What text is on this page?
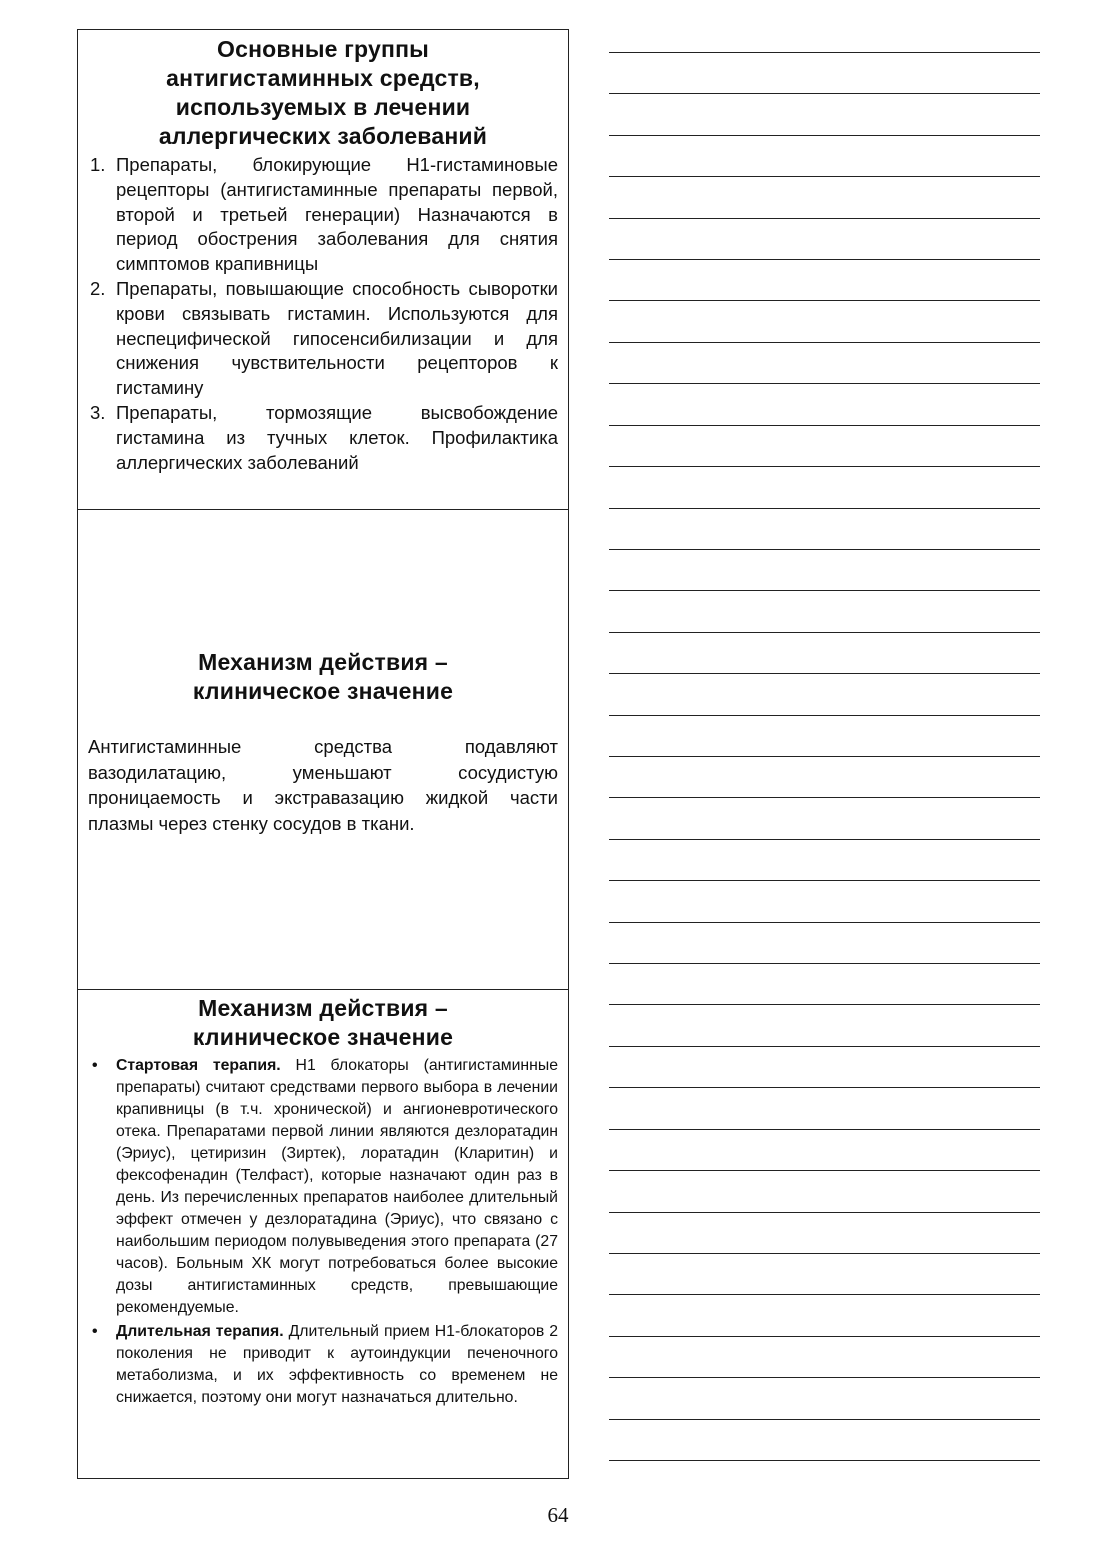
Основные группы
антигистаминных средств,
используемых в лечении
аллергических заболеваний
1. Препараты, блокирующие Н1-гистаминовые рецепторы (антигистаминные препараты первой, второй и третьей генерации) Назначаются в период обострения заболевания для снятия симптомов крапивницы
2. Препараты, повышающие способность сыворотки крови связывать гистамин. Используются для неспецифической гипосенсибилизации и для снижения чувствительности рецепторов к гистамину
3. Препараты, тормозящие высвобождение гистамина из тучных клеток. Профилактика аллергических заболеваний
Механизм действия –
клиническое значение

Антигистаминные средства подавляют вазодилатацию, уменьшают сосудистую проницаемость и экстравазацию жидкой части плазмы через стенку сосудов в ткани.

Механизм действия –
клиническое значение
• Стартовая терапия. Н1 блокаторы (антигистаминные препараты) считают средствами первого выбора в лечении крапивницы (в т.ч. хронической) и ангионевротического отека. Препаратами первой линии являются дезлоратадин (Эриус), цетиризин (Зиртек), лоратадин (Кларитин) и фексофенадин (Телфаст), которые назначают один раз в день. Из перечисленных препаратов наиболее длительный эффект отмечен у дезлоратадина (Эриус), что связано с наибольшим периодом полувыведения этого препарата (27 часов). Больным ХК могут потребоваться более высокие дозы антигистаминных средств, превышающие рекомендуемые.
• Длительная терапия. Длительный прием Н1-блокаторов 2 поколения не приводит к аутоиндукции печеночного метаболизма, и их эффективность со временем не снижается, поэтому они могут назначаться длительно.
64
